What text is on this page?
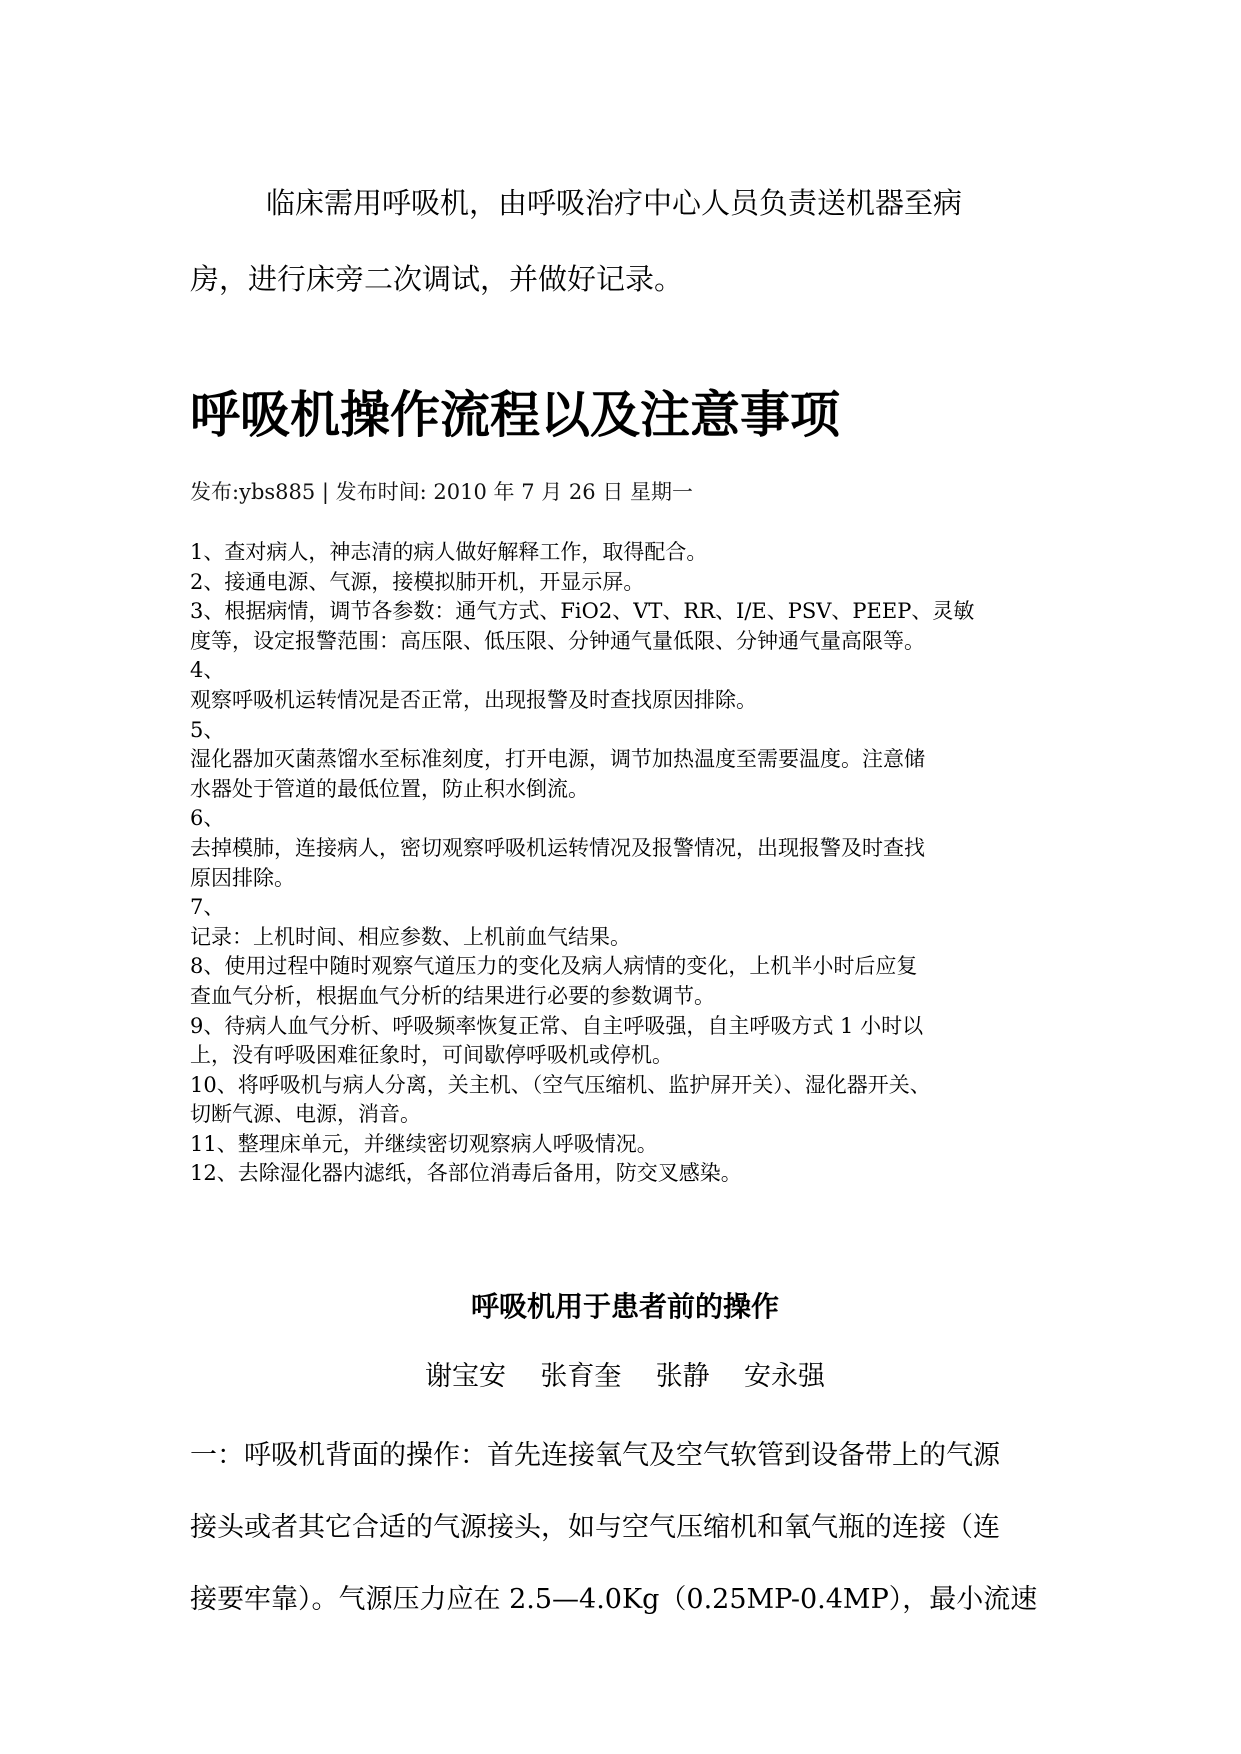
临床需用呼吸机，由呼吸治疗中心人员负责送机器至病
房，进行床旁二次调试，并做好记录。

呼吸机操作流程以及注意事项

发布:ybs885 | 发布时间: 2010 年 7 月 26 日 星期一

1、查对病人，神志清的病人做好解释工作，取得配合。
2、接通电源、气源，接模拟肺开机，开显示屏。
3、根据病情，调节各参数：通气方式、FiO2、VT、RR、I/E、PSV、PEEP、灵敏
度等，设定报警范围：高压限、低压限、分钟通气量低限、分钟通气量高限等。
4、
观察呼吸机运转情况是否正常，出现报警及时查找原因排除。
5、
湿化器加灭菌蒸馏水至标准刻度，打开电源，调节加热温度至需要温度。注意储
水器处于管道的最低位置，防止积水倒流。
6、
去掉模肺，连接病人，密切观察呼吸机运转情况及报警情况，出现报警及时查找
原因排除。
7、
记录：上机时间、相应参数、上机前血气结果。
8、使用过程中随时观察气道压力的变化及病人病情的变化，上机半小时后应复
查血气分析，根据血气分析的结果进行必要的参数调节。
9、待病人血气分析、呼吸频率恢复正常、自主呼吸强，自主呼吸方式 1 小时以
上，没有呼吸困难征象时，可间歇停呼吸机或停机。
10、将呼吸机与病人分离，关主机、（空气压缩机、监护屏开关）、湿化器开关、
切断气源、电源，消音。
11、整理床单元，并继续密切观察病人呼吸情况。
12、去除湿化器内滤纸，各部位消毒后备用，防交叉感染。
呼吸机用于患者前的操作

谢宝安    张育奎    张静    安永强

一：呼吸机背面的操作：首先连接氧气及空气软管到设备带上的气源
接头或者其它合适的气源接头，如与空气压缩机和氧气瓶的连接（连
接要牢靠）。气源压力应在 2.5—4.0Kg（0.25MP-0.4MP），最小流速
